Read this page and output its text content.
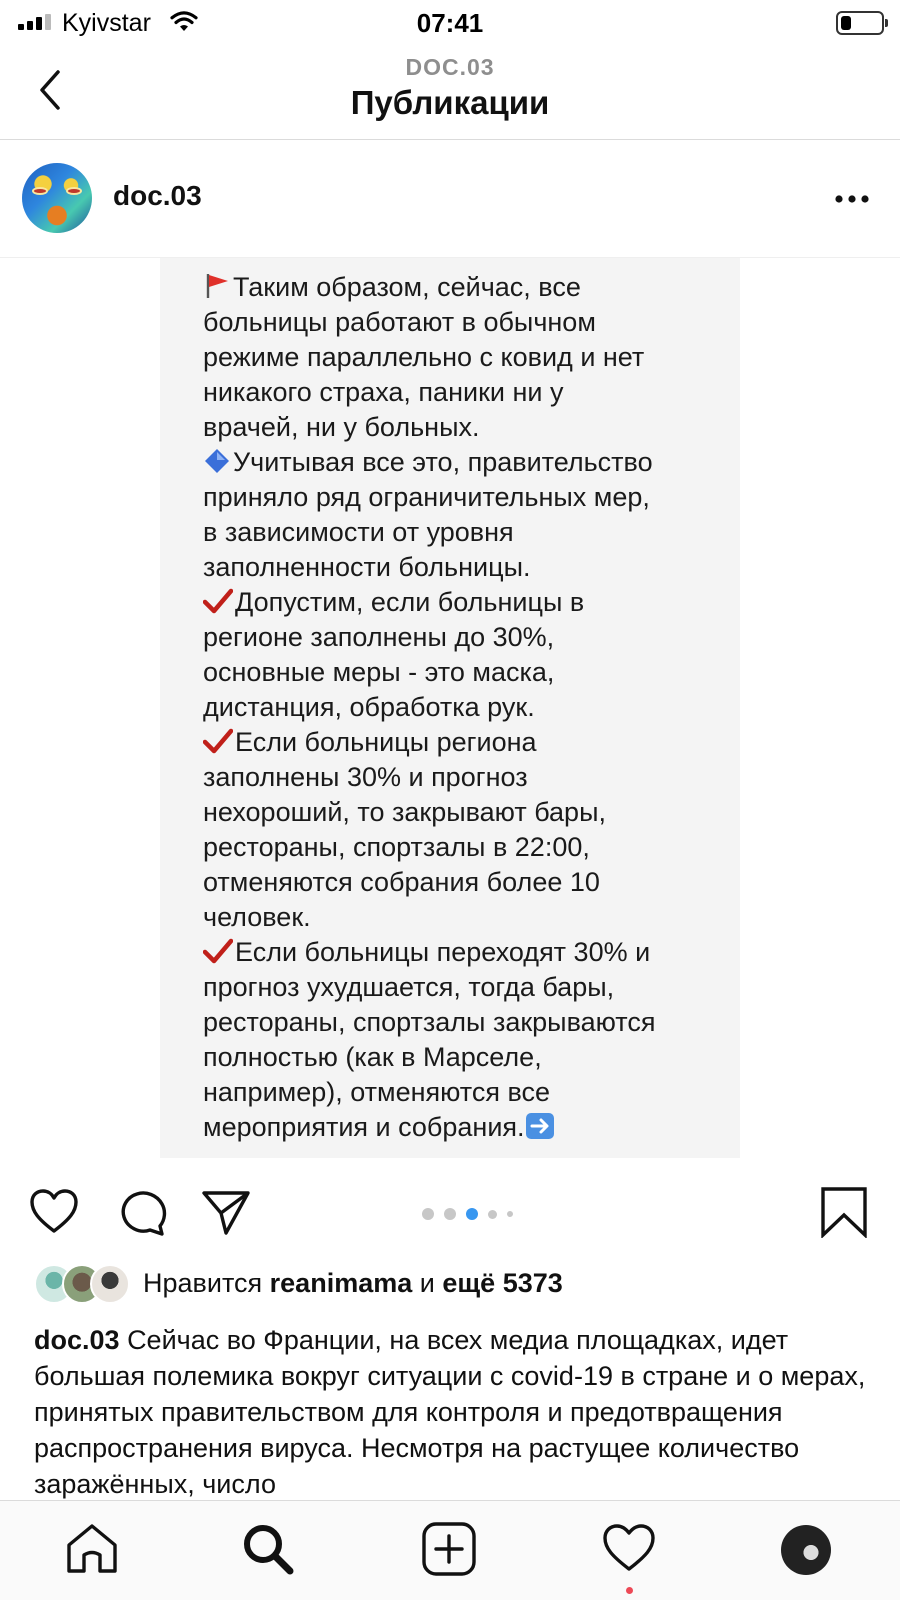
Kyivstar	07:41
DOC.03
Публикации
doc.03

Таким образом, сейчас, все
больницы работают в обычном
режиме параллельно с ковид и нет
никакого страха, паники ни у
врачей, ни у больных.

Учитывая все это, правительство
приняло ряд ограничительных мер,
в зависимости от уровня
заполненности больницы.

Допустим, если больницы в
регионе заполнены до 30%,
основные меры - это маска,
дистанция, обработка рук.

Если больницы региона
заполнены 30% и прогноз
нехороший, то закрывают бары,
рестораны, спортзалы в 22:00,
отменяются собрания более 10
человек.

Если больницы переходят 30% и
прогноз ухудшается, тогда бары,
рестораны, спортзалы закрываются
полностью (как в Марселе,
например), отменяются все
мероприятия и собрания.

Нравится reanimama и ещё 5373
doc.03 Сейчас во Франции, на всех медиа площадках, идет большая полемика вокруг ситуации с covid-19 в стране и о мерах, принятых правительством для контроля и предотвращения распространения вируса. Несмотря на растущее количество заражённых, число
